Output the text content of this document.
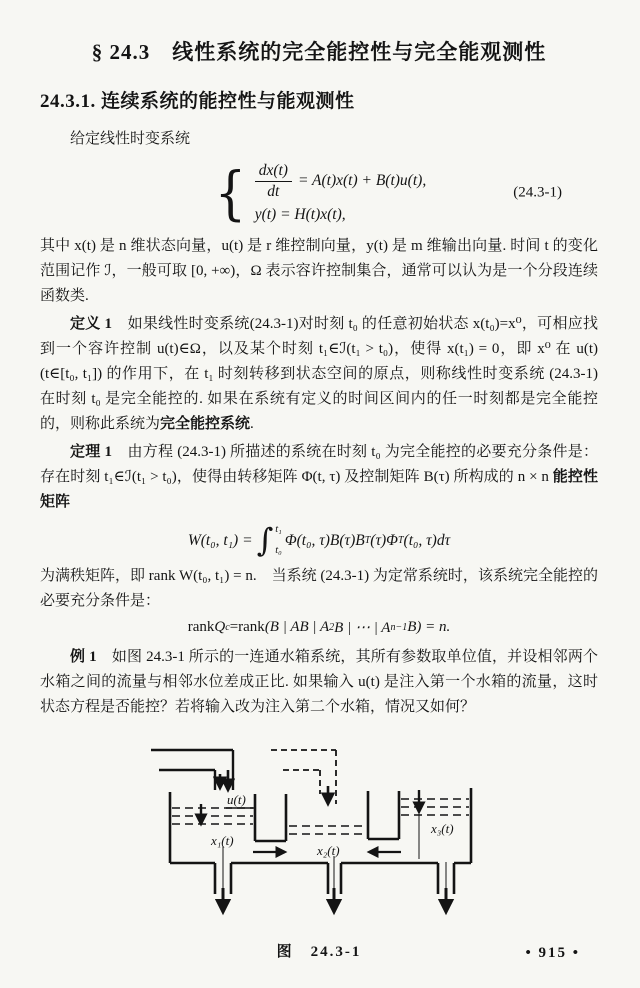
§ 24.3　线性系统的完全能控性与完全能观测性
24.3.1. 连续系统的能控性与能观测性

给定线性时变系统

{ $\frac{dx(t)}{dt} = A(t)x(t) + B(t)u(t)$,
y(t) = H(t)x(t),
(24.3-1)

其中 x(t) 是 n 维状态向量，u(t) 是 r 维控制向量，y(t) 是 m 维输出向量. 时间 t 的变化范围记作 ℐ，一般可取 [0, +∞)，Ω 表示容许控制集合，通常可以认为是一个分段连续函数类.

定义 1　如果线性时变系统(24.3-1)对时刻 t₀ 的任意初始状态 x(t₀)=x⁰，可相应找到一个容许控制 u(t)∈Ω，以及某个时刻 t₁∈ℐ(t₁ > t₀)，使得 x(t₁) = 0，即 x⁰ 在 u(t)(t∈[t₀, t₁]) 的作用下，在 t₁ 时刻转移到状态空间的原点，则称线性时变系统 (24.3-1) 在时刻 t₀ 是完全能控的. 如果在系统有定义的时间区间内的任一时刻都是完全能控的，则称此系统为完全能控系统.

定理 1　由方程 (24.3-1) 所描述的系统在时刻 t₀ 为完全能控的必要充分条件是：存在时刻 t₁∈ℐ(t₁ > t₀)，使得由转移矩阵 Φ(t, τ) 及控制矩阵 B(τ) 所构成的 n × n 能控性矩阵

W(t₀, t₁) = ∫ t₁
t₀
Φ(t₀, τ)B(τ)B T (τ)Φ T (t₀, τ)dτ

为满秩矩阵，即 rank W(t₀, t₁) = n.　当系统 (24.3-1) 为定常系统时，该系统完全能控的必要充分条件是：

rank Q c = rank (B | AB | A 2 B | ⋯ | A n−1 B) = n.

例 1　如图 24.3-1 所示的一连通水箱系统，其所有参数取单位值，并设相邻两个水箱之间的流量与相邻水位差成正比. 如果输入 u(t) 是注入第一个水箱的流量，这时状态方程是否能控？若将输入改为注入第二个水箱，情况又如何？

u(t)
x₁(t)
x₂(t)
x₃(t)
图　24.3-1	• 915 •
